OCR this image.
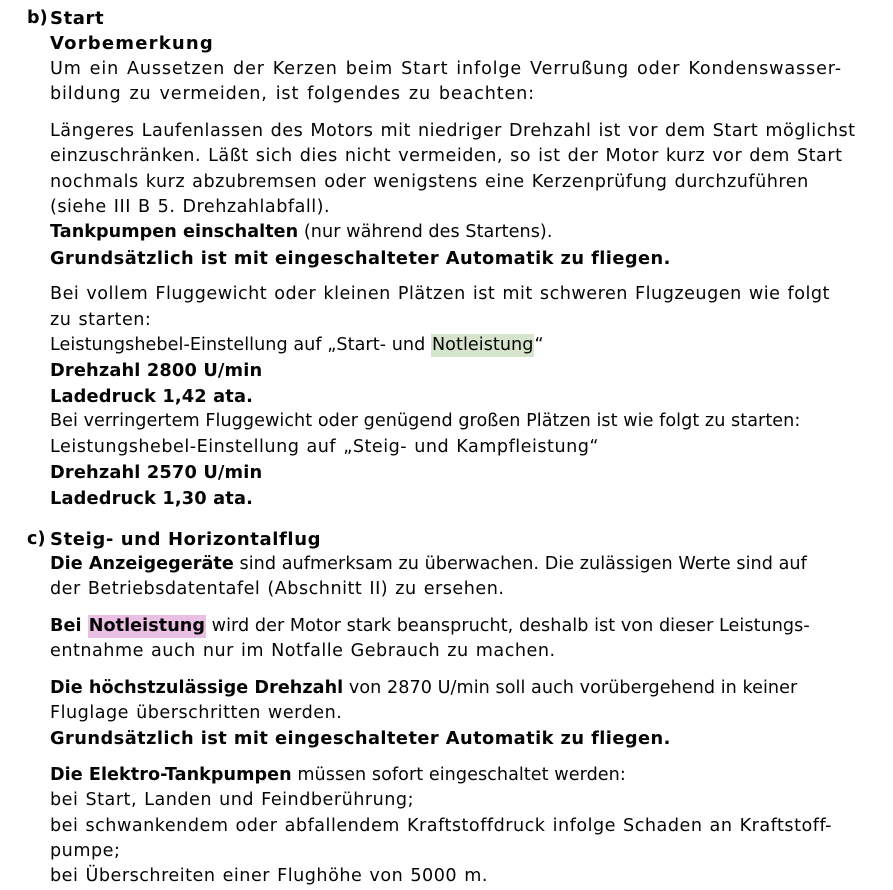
b) Start
Vorbemerkung
Um ein Aussetzen der Kerzen beim Start infolge Verrußung oder Kondenswasser-
bildung zu vermeiden, ist folgendes zu beachten:
Längeres Laufenlassen des Motors mit niedriger Drehzahl ist vor dem Start möglichst
einzuschränken. Läßt sich dies nicht vermeiden, so ist der Motor kurz vor dem Start
nochmals kurz abzubremsen oder wenigstens eine Kerzenprüfung durchzuführen
(siehe III B 5. Drehzahlabfall).
Tankpumpen einschalten (nur während des Startens).
Grundsätzlich ist mit eingeschalteter Automatik zu fliegen.
Bei vollem Fluggewicht oder kleinen Plätzen ist mit schweren Flugzeugen wie folgt
zu starten:
Leistungshebel-Einstellung auf „Start- und Notleistung“
Drehzahl 2800 U/min
Ladedruck 1,42 ata.
Bei verringertem Fluggewicht oder genügend großen Plätzen ist wie folgt zu starten:
Leistungshebel-Einstellung auf „Steig- und Kampfleistung“
Drehzahl 2570 U/min
Ladedruck 1,30 ata.
c) Steig- und Horizontalflug
Die Anzeigegeräte sind aufmerksam zu überwachen. Die zulässigen Werte sind auf
der Betriebsdatentafel (Abschnitt II) zu ersehen.
Bei Notleistung wird der Motor stark beansprucht, deshalb ist von dieser Leistungs-
entnahme auch nur im Notfalle Gebrauch zu machen.
Die höchstzulässige Drehzahl von 2870 U/min soll auch vorübergehend in keiner
Fluglage überschritten werden.
Grundsätzlich ist mit eingeschalteter Automatik zu fliegen.
Die Elektro-Tankpumpen müssen sofort eingeschaltet werden:
bei Start, Landen und Feindberührung;
bei schwankendem oder abfallendem Kraftstoffdruck infolge Schaden an Kraftstoff-
pumpe;
bei Überschreiten einer Flughöhe von 5000 m.
